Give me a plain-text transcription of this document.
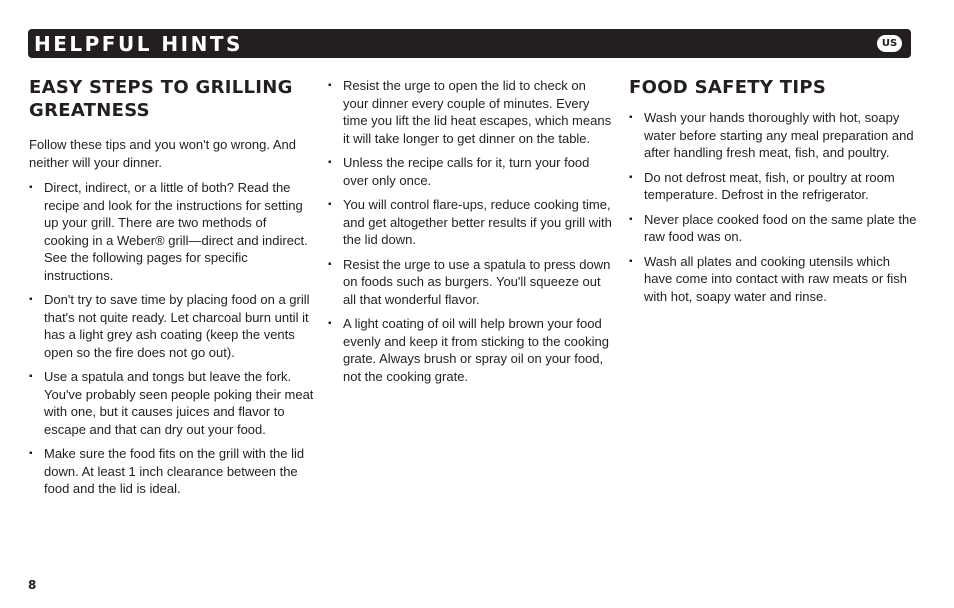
HELPFUL HINTS	US
EASY STEPS TO GRILLING
GREATNESS

Follow these tips and you won't go wrong. And neither will your dinner.

▪ Direct, indirect, or a little of both? Read the recipe and look for the instructions for setting up your grill. There are two methods of cooking in a Weber® grill—direct and indirect. See the following pages for specific instructions.
▪ Don't try to save time by placing food on a grill that's not quite ready. Let charcoal burn until it has a light grey ash coating (keep the vents open so the fire does not go out).
▪ Use a spatula and tongs but leave the fork. You've probably seen people poking their meat with one, but it causes juices and flavor to escape and that can dry out your food.
▪ Make sure the food fits on the grill with the lid down. At least 1 inch clearance between the food and the lid is ideal.
▪ Resist the urge to open the lid to check on your dinner every couple of minutes. Every time you lift the lid heat escapes, which means it will take longer to get dinner on the table.
▪ Unless the recipe calls for it, turn your food over only once.
▪ You will control flare-ups, reduce cooking time, and get altogether better results if you grill with the lid down.
▪ Resist the urge to use a spatula to press down on foods such as burgers. You'll squeeze out all that wonderful flavor.
▪ A light coating of oil will help brown your food evenly and keep it from sticking to the cooking grate. Always brush or spray oil on your food, not the cooking grate.
FOOD SAFETY TIPS
▪ Wash your hands thoroughly with hot, soapy water before starting any meal preparation and after handling fresh meat, fish, and poultry.
▪ Do not defrost meat, fish, or poultry at room temperature. Defrost in the refrigerator.
▪ Never place cooked food on the same plate the raw food was on.
▪ Wash all plates and cooking utensils which have come into contact with raw meats or fish with hot, soapy water and rinse.
8
